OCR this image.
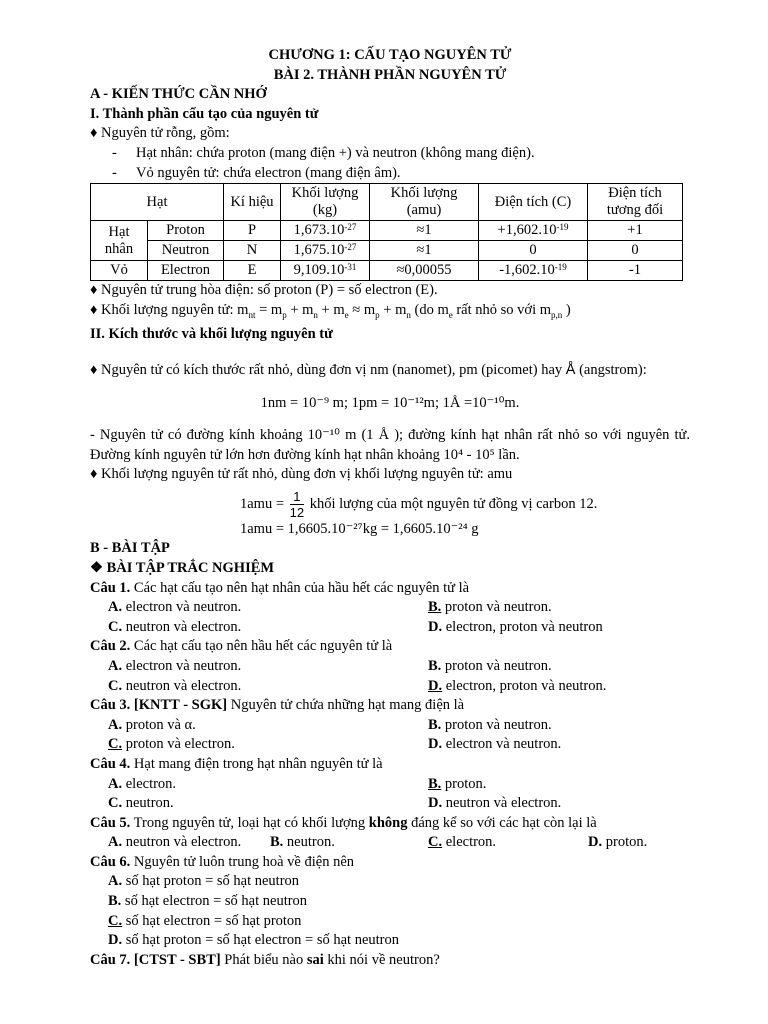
CHƯƠNG 1: CẤU TẠO NGUYÊN TỬ
BÀI 2. THÀNH PHẦN NGUYÊN TỬ
A - KIẾN THỨC CẦN NHỚ
I. Thành phần cấu tạo của nguyên tử
♦ Nguyên tử rỗng, gồm:
- Hạt nhân: chứa proton (mang điện +) và neutron (không mang điện).
- Vỏ nguyên tử: chứa electron (mang điện âm).
Hạt		Kí hiệu	Khối lượng (kg)	Khối lượng (amu)	Điện tích (C)	Điện tích tương đối
Hạt nhân	Proton	P	$1,673.10^{-27}$	≈1	$+1,602.10^{-19}$	+1
	Neutron	N	$1,675.10^{-27}$	≈1	0	0
Vỏ	Electron	E	$9,109.10^{-31}$	≈0,00055	$-1,602.10^{-19}$	-1
♦ Nguyên tử trung hòa điện: số proton (P) = số electron (E).
♦ Khối lượng nguyên tử: $m_{nt} = m_p + m_n + m_e \approx m_p + m_n$ (do $m_e$ rất nhỏ so với $m_{p,n}$ )
II. Kích thước và khối lượng nguyên tử
♦ Nguyên tử có kích thước rất nhỏ, dùng đơn vị nm (nanomet), pm (picomet) hay Å (angstrom):
1nm = 10⁻⁹ m; 1pm = 10⁻¹²m; 1Å =10⁻¹⁰m.
- Nguyên tử có đường kính khoảng 10⁻¹⁰ m (1 Å ); đường kính hạt nhân rất nhỏ so với nguyên tử. Đường kính nguyên tử lớn hơn đường kính hạt nhân khoảng 10⁴ - 10⁵ lần.
♦ Khối lượng nguyên tử rất nhỏ, dùng đơn vị khối lượng nguyên tử: amu
$1amu = \frac{1}{12}$ khối lượng của một nguyên tử đồng vị carbon 12.
1amu = 1,6605.10⁻²⁷kg = 1,6605.10⁻²⁴ g
B - BÀI TẬP
❖ BÀI TẬP TRẮC NGHIỆM
Câu 1. Các hạt cấu tạo nên hạt nhân của hầu hết các nguyên tử là
A. electron và neutron.	B. proton và neutron.
C. neutron và electron.	D. electron, proton và neutron
Câu 2. Các hạt cấu tạo nên hầu hết các nguyên tử là
A. electron và neutron.	B. proton và neutron.
C. neutron và electron.	D. electron, proton và neutron.
Câu 3. [KNTT - SGK] Nguyên tử chứa những hạt mang điện là
A. proton và α.	B. proton và neutron.
C. proton và electron.	D. electron và neutron.
Câu 4. Hạt mang điện trong hạt nhân nguyên tử là
A. electron.	B. proton.
C. neutron.	D. neutron và electron.
Câu 5. Trong nguyên tử, loại hạt có khối lượng không đáng kể so với các hạt còn lại là
A. neutron và electron. B. neutron.	C. electron.	D. proton.
Câu 6. Nguyên tử luôn trung hoà về điện nên
A. số hạt proton = số hạt neutron
B. số hạt electron = số hạt neutron
C. số hạt electron = số hạt proton
D. số hạt proton = số hạt electron = số hạt neutron
Câu 7. [CTST - SBT] Phát biểu nào sai khi nói về neutron?
